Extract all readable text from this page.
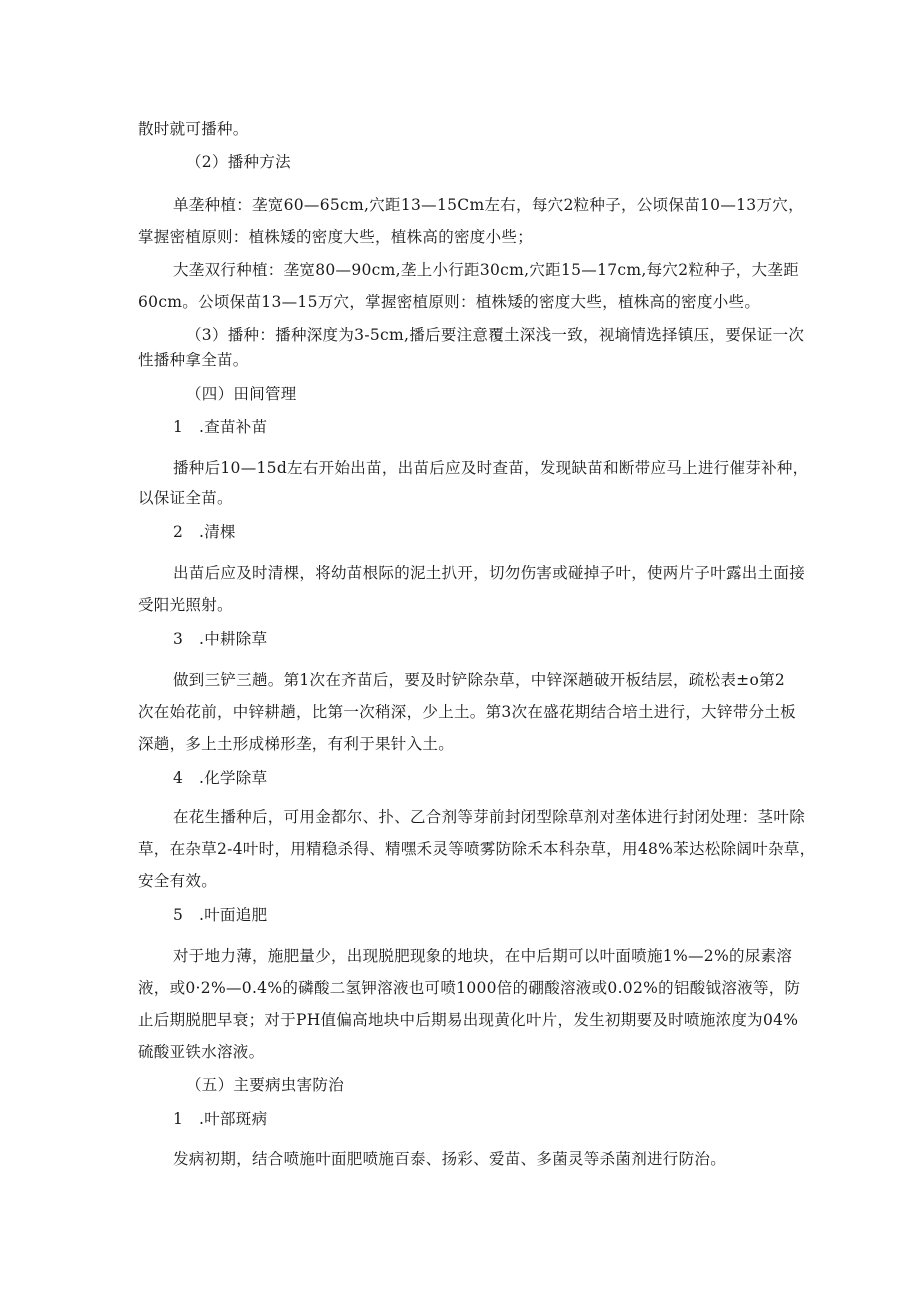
散时就可播种。
（2）播种方法
单垄种植：垄宽60—65cm,穴距13—15Cm左右，每穴2粒种子，公顷保苗10—13万穴，
掌握密植原则：植株矮的密度大些，植株高的密度小些；
大垄双行种植：垄宽80—90cm,垄上小行距30cm,穴距15—17cm,每穴2粒种子，大垄距
60cm。公顷保苗13—15万穴，掌握密植原则：植株矮的密度大些，植株高的密度小些。
（3）播种：播种深度为3-5cm,播后要注意覆土深浅一致，视墒情选择镇压，要保证一次
性播种拿全苗。
（四）田间管理
1　.查苗补苗
播种后10—15d左右开始出苗，出苗后应及时查苗，发现缺苗和断带应马上进行催芽补种，
以保证全苗。
2　.清棵
出苗后应及时清棵，将幼苗根际的泥土扒开，切勿伤害或碰掉子叶，使两片子叶露出土面接
受阳光照射。
3　.中耕除草
做到三铲三趟。第1次在齐苗后，要及时铲除杂草，中锌深趟破开板结层，疏松表±o第2
次在始花前，中锌耕趟，比第一次稍深，少上土。第3次在盛花期结合培土进行，大锌带分土板
深趟，多上土形成梯形垄，有利于果针入土。
4　.化学除草
在花生播种后，可用金都尔、扑、乙合剂等芽前封闭型除草剂对垄体进行封闭处理：茎叶除
草，在杂草2-4叶时，用精稳杀得、精嘿禾灵等喷雾防除禾本科杂草，用48%苯达松除阔叶杂草，
安全有效。
5　.叶面追肥
对于地力薄，施肥量少，出现脱肥现象的地块，在中后期可以叶面喷施1%—2%的尿素溶
液，或0·2%—0.4%的磷酸二氢钾溶液也可喷1000倍的硼酸溶液或0.02%的铝酸钺溶液等，防
止后期脱肥早衰；对于PH值偏高地块中后期易出现黄化叶片，发生初期要及时喷施浓度为04%
硫酸亚铁水溶液。
（五）主要病虫害防治
1　.叶部斑病
发病初期，结合喷施叶面肥喷施百泰、扬彩、爱苗、多菌灵等杀菌剂进行防治。
